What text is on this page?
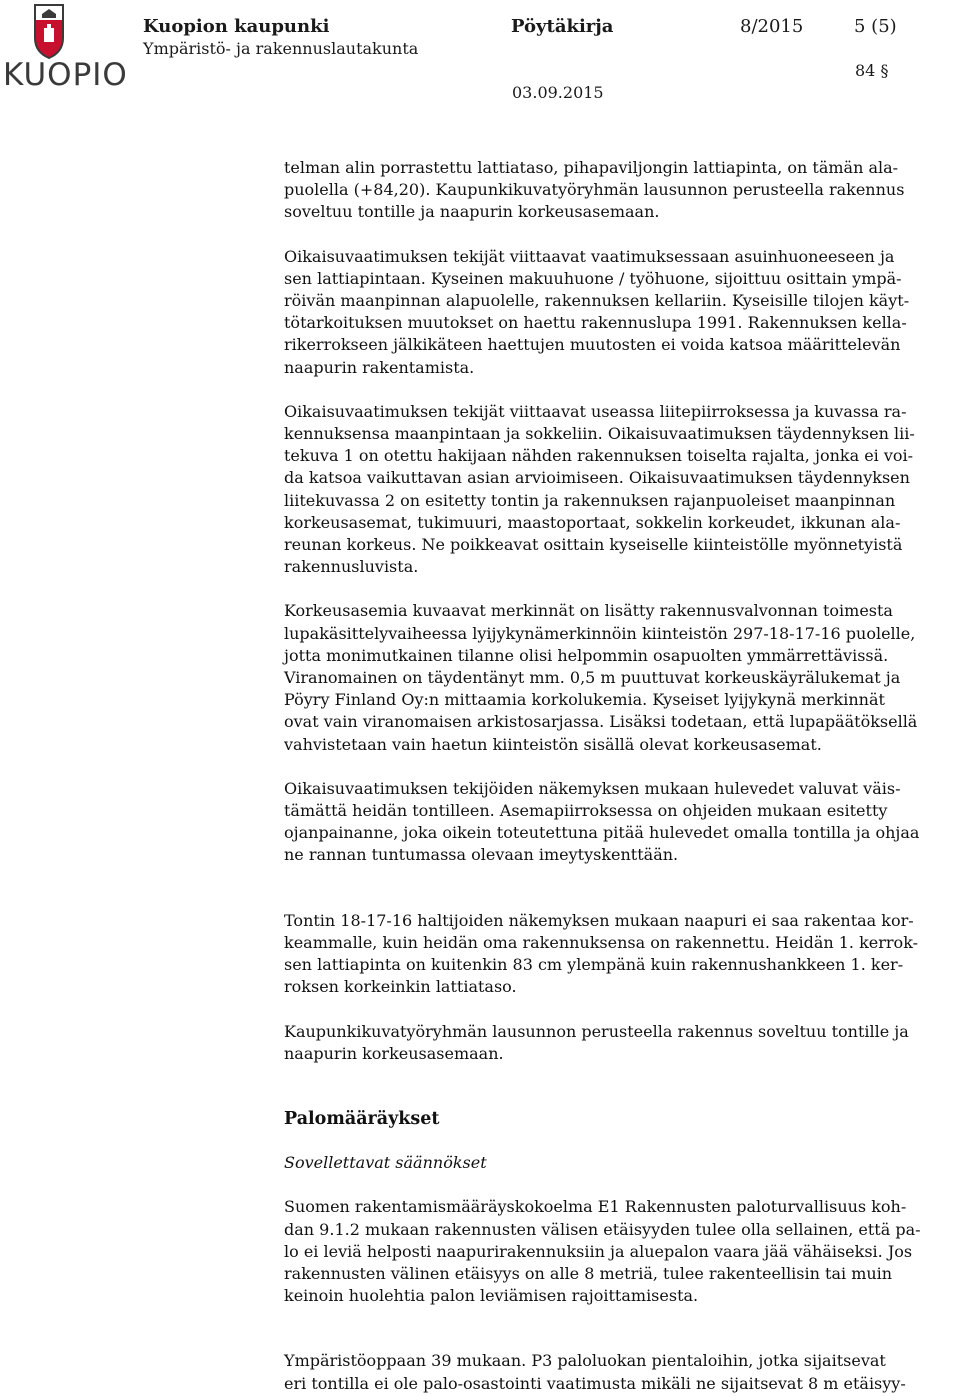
KUOPIO
Kuopion kaupunki
Ympäristö- ja rakennuslautakunta
Pöytäkirja	8/2015	5 (5)
84 §
03.09.2015

telman alin porrastettu lattiataso, pihapaviljongin lattiapinta, on tämän ala-

puolella (+84,20). Kaupunkikuvatyöryhmän lausunnon perusteella rakennus

soveltuu tontille ja naapurin korkeusasemaan.

Oikaisuvaatimuksen tekijät viittaavat vaatimuksessaan asuinhuoneeseen ja

sen lattiapintaan. Kyseinen makuuhuone / työhuone, sijoittuu osittain ympä-

röivän maanpinnan alapuolelle, rakennuksen kellariin. Kyseisille tilojen käyt-

tötarkoituksen muutokset on haettu rakennuslupa 1991. Rakennuksen kella-

rikerrokseen jälkikäteen haettujen muutosten ei voida katsoa määrittelevän

naapurin rakentamista.

Oikaisuvaatimuksen tekijät viittaavat useassa liitepiirroksessa ja kuvassa ra-

kennuksensa maanpintaan ja sokkeliin. Oikaisuvaatimuksen täydennyksen lii-

tekuva 1 on otettu hakijaan nähden rakennuksen toiselta rajalta, jonka ei voi-

da katsoa vaikuttavan asian arvioimiseen. Oikaisuvaatimuksen täydennyksen

liitekuvassa 2 on esitetty tontin ja rakennuksen rajanpuoleiset maanpinnan

korkeusasemat, tukimuuri, maastoportaat, sokkelin korkeudet, ikkunan ala-

reunan korkeus. Ne poikkeavat osittain kyseiselle kiinteistölle myönnetyistä

rakennusluvista.

Korkeusasemia kuvaavat merkinnät on lisätty rakennusvalvonnan toimesta

lupakäsittelyvaiheessa lyijykynämerkinnöin kiinteistön 297-18-17-16 puolelle,

jotta monimutkainen tilanne olisi helpommin osapuolten ymmärrettävissä.

Viranomainen on täydentänyt mm. 0,5 m puuttuvat korkeuskäyrälukemat ja

Pöyry Finland Oy:n mittaamia korkolukemia. Kyseiset lyijykynä merkinnät

ovat vain viranomaisen arkistosarjassa. Lisäksi todetaan, että lupapäätöksellä

vahvistetaan vain haetun kiinteistön sisällä olevat korkeusasemat.

Oikaisuvaatimuksen tekijöiden näkemyksen mukaan hulevedet valuvat väis-

tämättä heidän tontilleen. Asemapiirroksessa on ohjeiden mukaan esitetty

ojanpainanne, joka oikein toteutettuna pitää hulevedet omalla tontilla ja ohjaa

ne rannan tuntumassa olevaan imeytyskenttään.

Tontin 18-17-16 haltijoiden näkemyksen mukaan naapuri ei saa rakentaa kor-

keammalle, kuin heidän oma rakennuksensa on rakennettu. Heidän 1. kerrok-

sen lattiapinta on kuitenkin 83 cm ylempänä kuin rakennushankkeen 1. ker-

roksen korkeinkin lattiataso.

Kaupunkikuvatyöryhmän lausunnon perusteella rakennus soveltuu tontille ja

naapurin korkeusasemaan.

Palomääräykset

Sovellettavat säännökset

Suomen rakentamismääräyskokoelma E1 Rakennusten paloturvallisuus koh-

dan 9.1.2 mukaan rakennusten välisen etäisyyden tulee olla sellainen, että pa-

lo ei leviä helposti naapurirakennuksiin ja aluepalon vaara jää vähäiseksi. Jos

rakennusten välinen etäisyys on alle 8 metriä, tulee rakenteellisin tai muin

keinoin huolehtia palon leviämisen rajoittamisesta.

Ympäristöoppaan 39 mukaan. P3 paloluokan pientaloihin, jotka sijaitsevat

eri tontilla ei ole palo-osastointi vaatimusta mikäli ne sijaitsevat 8 m etäisyy-
